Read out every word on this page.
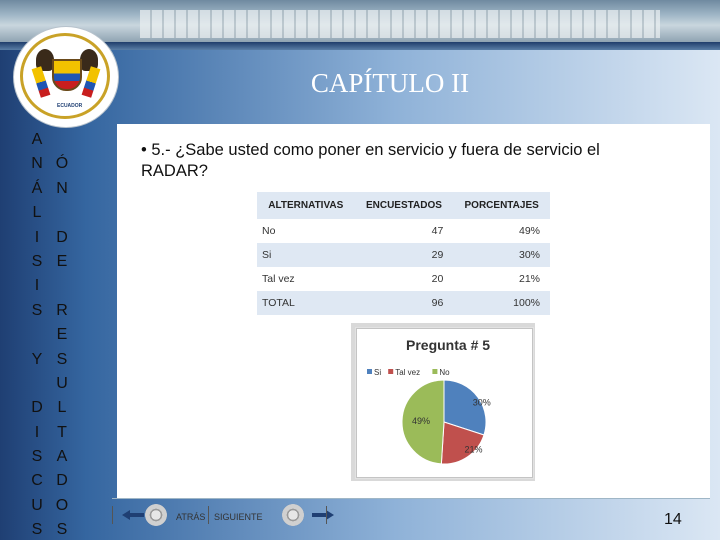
ECUADOR
CAPÍTULO II
A
N
Á
L
I
S
I
S
Y
D
I
S
C
U
S
Ó
N
D
E
R
E
S
U
L
T
A
D
O
S
• 5.- ¿Sabe usted como poner en servicio y fuera de servicio el RADAR?
ALTERNATIVAS	ENCUESTADOS	PORCENTAJES
No	47	49%
Si	29	30%
Tal vez	20	21%
TOTAL	96	100%
Pregunta # 5
Si Tal vez No
30%
21%
49%
ATRÁS SIGUIENTE	14
